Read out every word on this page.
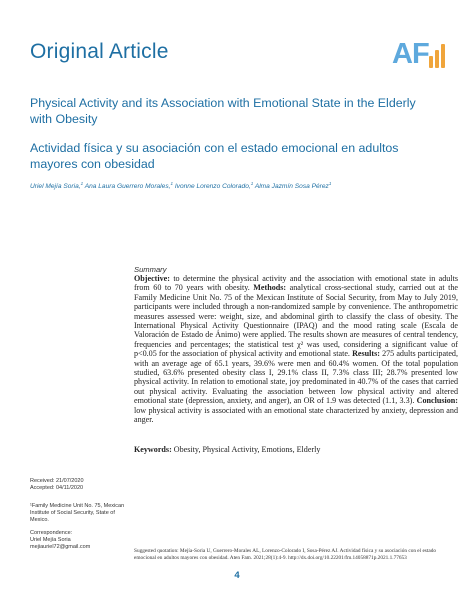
Original Article	AF
Physical Activity and its Association with Emotional State in the Elderly with Obesity
Actividad física y su asociación con el estado emocional en adultos mayores con obesidad
Uriel Mejía Soria,$^1$ Ana Laura Guerrero Morales,$^1$ Ivonne Lorenzo Colorado,$^1$ Alma Jazmín Sosa Pérez$^1$
Summary

Objective: to determine the physical activity and the association with emotional state in adults from 60 to 70 years with obesity. Methods: analytical cross-sectional study, carried out at the Family Medicine Unit No. 75 of the Mexican Institute of Social Security, from May to July 2019, participants were included through a non-randomized sample by convenience. The anthropometric measures assessed were: weight, size, and abdominal girth to classify the class of obesity. The International Physical Activity Questionnaire (IPAQ) and the mood rating scale (Escala de Valoración de Estado de Ánimo) were applied. The results shown are measures of central tendency, frequencies and percentages; the statistical test χ² was used, considering a significant value of p<0.05 for the association of physical activity and emotional state. Results: 275 adults participated, with an average age of 65.1 years, 39.6% were men and 60.4% women. Of the total population studied, 63.6% presented obesity class I, 29.1% class II, 7.3% class III; 28.7% presented low physical activity. In relation to emotional state, joy predominated in 40.7% of the cases that carried out physical activity. Evaluating the association between low physical activity and altered emotional state (depression, anxiety, and anger), an OR of 1.9 was detected (1.1, 3.3). Conclusion: low physical activity is associated with an emotional state characterized by anxiety, depression and anger.

Keywords: Obesity, Physical Activity, Emotions, Elderly

Received: 21/07/2020
Accepted: 04/11/2020
¹Family Medicine Unit No. 75, Mexican Institute of Social Security, State of Mexico.
Correspondence:
Uriel Mejía Soria
mejiauriel72@gmail.com
Suggested quotation: Mejía-Soria U, Guerrero-Morales AL, Lorenzo-Colorado I, Sosa-Pérez AJ. Actividad física y su asociación con el estado emocional en adultos mayores con obesidad. Aten Fam. 2021;28(1):4-9. http://dx.doi.org/10.22201/fm.14058871p.2021.1.77653
4
